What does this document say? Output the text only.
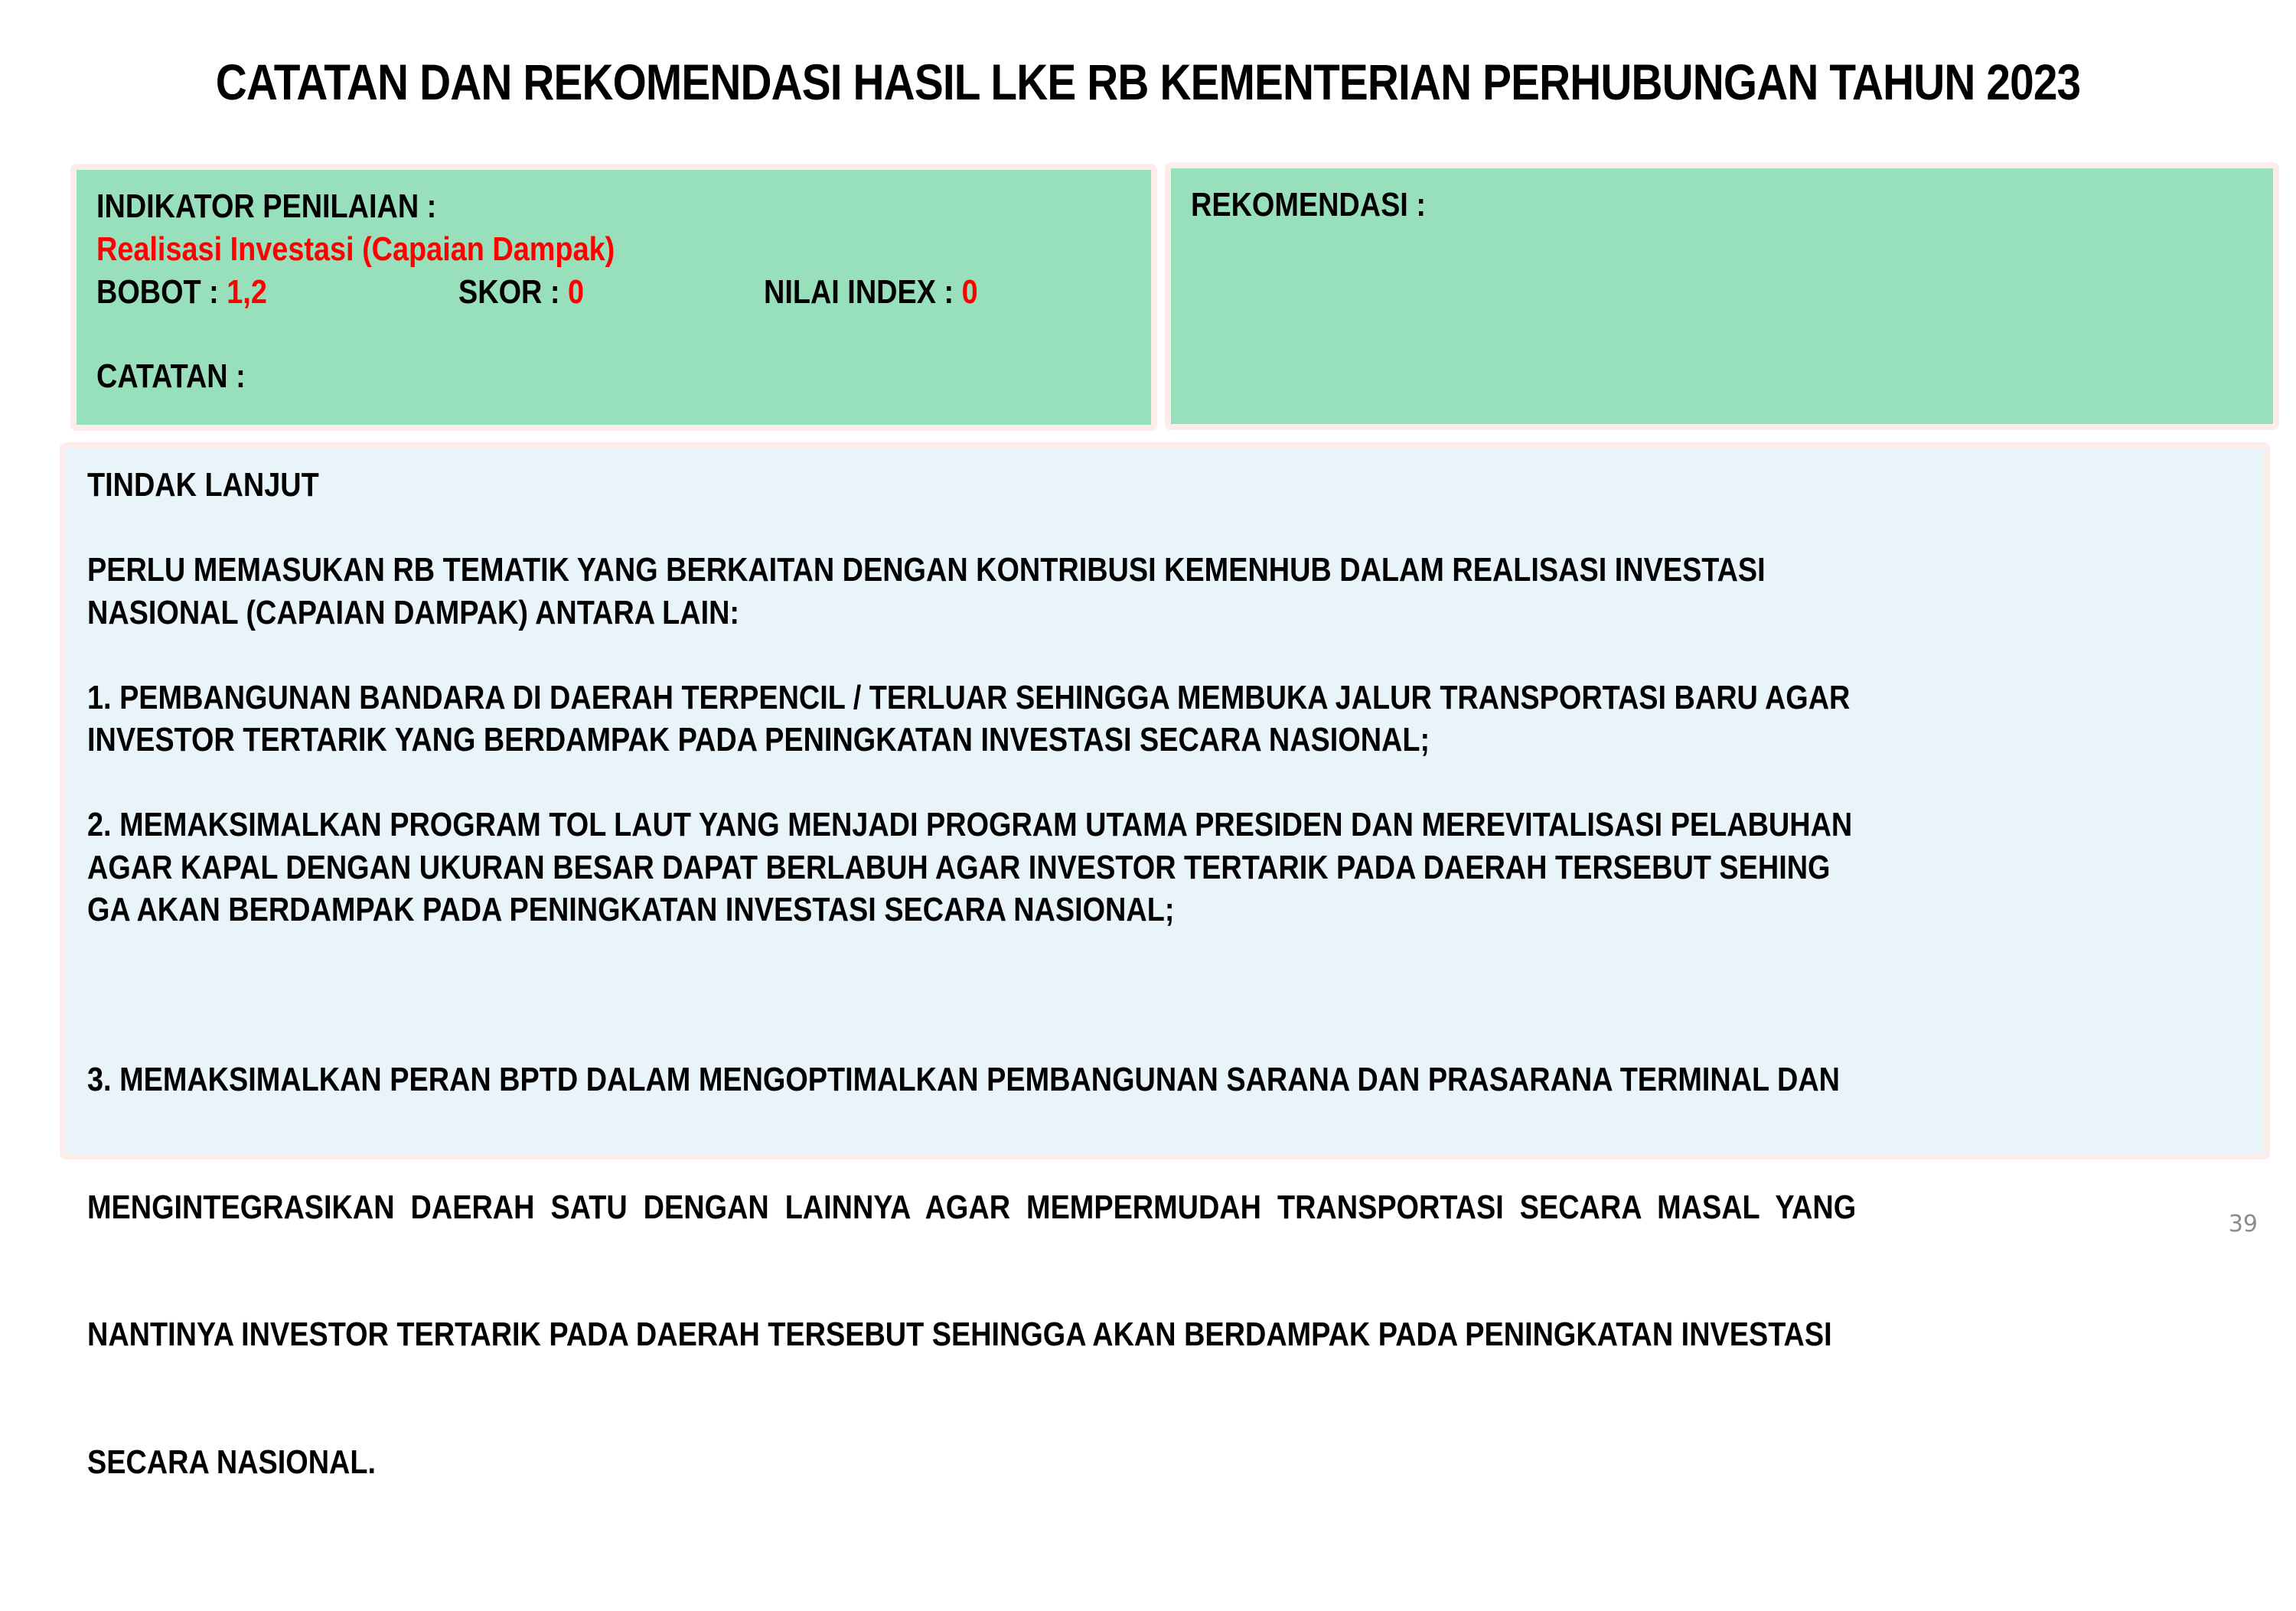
CATATAN DAN REKOMENDASI HASIL LKE RB KEMENTERIAN PERHUBUNGAN TAHUN 2023
INDIKATOR PENILAIAN :
Realisasi Investasi (Capaian Dampak)
BOBOT : 1,2	SKOR : 0	NILAI INDEX : 0
CATATAN :
REKOMENDASI :
TINDAK LANJUT
PERLU MEMASUKAN RB TEMATIK YANG BERKAITAN DENGAN KONTRIBUSI KEMENHUB DALAM REALISASI INVESTASI
NASIONAL (CAPAIAN DAMPAK) ANTARA LAIN:
1. PEMBANGUNAN BANDARA DI DAERAH TERPENCIL / TERLUAR SEHINGGA MEMBUKA JALUR TRANSPORTASI BARU AGAR
INVESTOR TERTARIK YANG BERDAMPAK PADA PENINGKATAN INVESTASI SECARA NASIONAL;
2. MEMAKSIMALKAN PROGRAM TOL LAUT YANG MENJADI PROGRAM UTAMA PRESIDEN DAN MEREVITALISASI PELABUHAN
AGAR KAPAL DENGAN UKURAN BESAR DAPAT BERLABUH AGAR INVESTOR TERTARIK PADA DAERAH TERSEBUT SEHING
GA AKAN BERDAMPAK PADA PENINGKATAN INVESTASI SECARA NASIONAL;

3. MEMAKSIMALKAN PERAN BPTD DALAM MENGOPTIMALKAN PEMBANGUNAN SARANA DAN PRASARANA TERMINAL DAN

MENGINTEGRASIKAN  DAERAH  SATU  DENGAN  LAINNYA  AGAR  MEMPERMUDAH  TRANSPORTASI  SECARA  MASAL  YANG

NANTINYA INVESTOR TERTARIK PADA DAERAH TERSEBUT SEHINGGA AKAN BERDAMPAK PADA PENINGKATAN INVESTASI

SECARA NASIONAL.

39
